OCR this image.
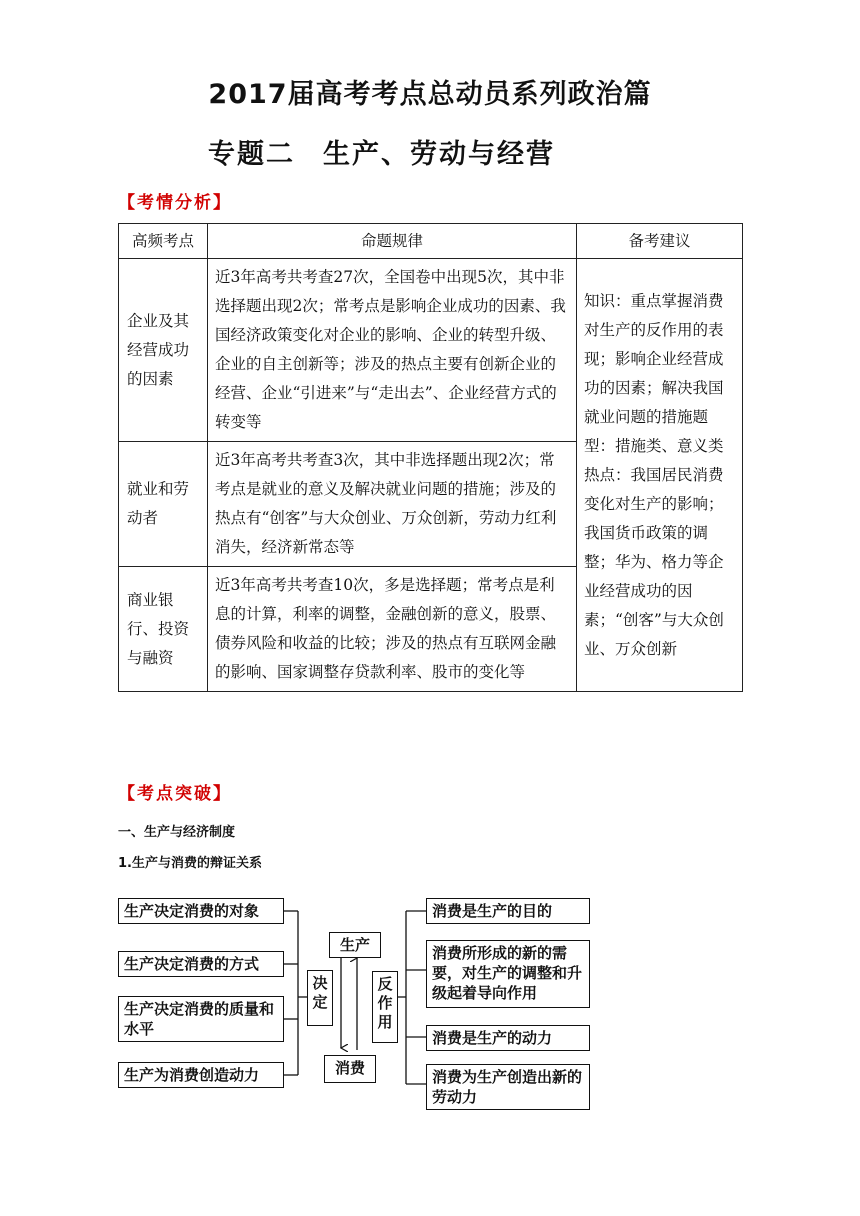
2017届高考考点总动员系列政治篇
专题二 生产、劳动与经营
【考情分析】
高频考点	命题规律	备考建议
企业及其经营成功的因素	近3年高考共考查27次，全国卷中出现5次，其中非选择题出现2次；常考点是影响企业成功的因素、我国经济政策变化对企业的影响、企业的转型升级、企业的自主创新等；涉及的热点主要有创新企业的经营、企业“引进来”与“走出去”、企业经营方式的转变等	知识：重点掌握消费对生产的反作用的表现；影响企业经营成功的因素；解决我国就业问题的措施题型：措施类、意义类热点：我国居民消费变化对生产的影响；我国货币政策的调整；华为、格力等企业经营成功的因素；“创客”与大众创业、万众创新
就业和劳动者	近3年高考共考查3次，其中非选择题出现2次；常考点是就业的意义及解决就业问题的措施；涉及的热点有“创客”与大众创业、万众创新，劳动力红利消失，经济新常态等	
商业银行、投资与融资	近3年高考共考查10次，多是选择题；常考点是利息的计算，利率的调整，金融创新的意义，股票、债券风险和收益的比较；涉及的热点有互联网金融的影响、国家调整存贷款利率、股市的变化等	
【考点突破】
一、生产与经济制度
1.生产与消费的辩证关系
生产决定消费的对象
生产决定消费的方式
生产决定消费的质量和水平
生产为消费创造动力
决定
生产
消费
反作用
消费是生产的目的
消费所形成的新的需要，对生产的调整和升级起着导向作用
消费是生产的动力
消费为生产创造出新的劳动力
